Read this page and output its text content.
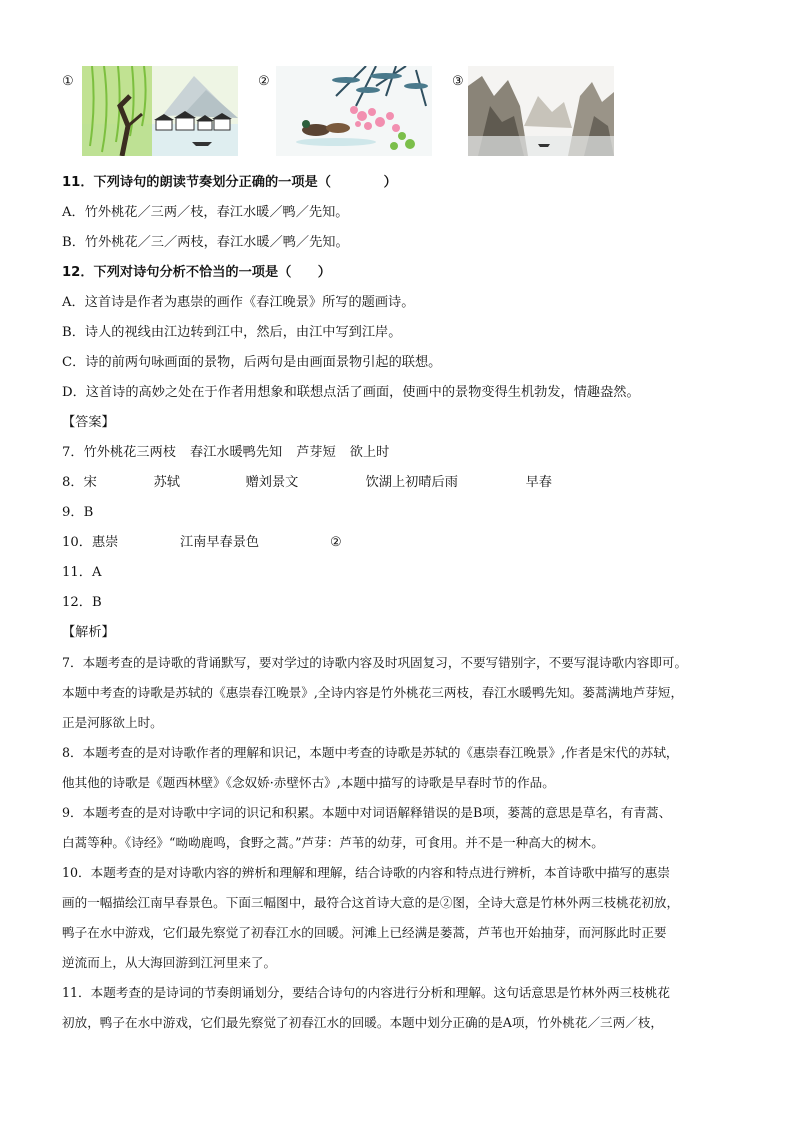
①	②	③
11．下列诗句的朗读节奏划分正确的一项是（　　　　）
A．竹外桃花／三两／枝，春江水暖／鸭／先知。
B．竹外桃花／三／两枝，春江水暖／鸭／先知。
12．下列对诗句分析不恰当的一项是（　　）
A．这首诗是作者为惠崇的画作《春江晚景》所写的题画诗。
B．诗人的视线由江边转到江中，然后，由江中写到江岸。
C．诗的前两句咏画面的景物，后两句是由画面景物引起的联想。
D．这首诗的高妙之处在于作者用想象和联想点活了画面，使画中的景物变得生机勃发，情趣盎然。
【答案】
7．竹外桃花三两枝 春江水暖鸭先知 芦芽短 欲上时
8．宋	苏轼	赠刘景文	饮湖上初晴后雨	早春
9．B
10．惠崇	江南早春景色	②
11．A
12．B
【解析】
7．本题考查的是诗歌的背诵默写，要对学过的诗歌内容及时巩固复习，不要写错别字，不要写混诗歌内容即可。
本题中考查的诗歌是苏轼的《惠崇春江晚景》,全诗内容是竹外桃花三两枝，春江水暖鸭先知。蒌蒿满地芦芽短，
正是河豚欲上时。
8．本题考查的是对诗歌作者的理解和识记，本题中考查的诗歌是苏轼的《惠崇春江晚景》,作者是宋代的苏轼，
他其他的诗歌是《题西林壁》《念奴娇·赤壁怀古》,本题中描写的诗歌是早春时节的作品。
9．本题考查的是对诗歌中字词的识记和积累。本题中对词语解释错误的是B项，蒌蒿的意思是草名，有青蒿、
白蒿等种。《诗经》“呦呦鹿鸣，食野之蒿。”芦芽：芦苇的幼芽，可食用。并不是一种高大的树木。
10．本题考查的是对诗歌内容的辨析和理解和理解，结合诗歌的内容和特点进行辨析，本首诗歌中描写的惠崇
画的一幅描绘江南早春景色。下面三幅图中，最符合这首诗大意的是②图，全诗大意是竹林外两三枝桃花初放，
鸭子在水中游戏，它们最先察觉了初春江水的回暖。河滩上已经满是蒌蒿，芦苇也开始抽芽，而河豚此时正要
逆流而上，从大海回游到江河里来了。
11．本题考查的是诗词的节奏朗诵划分，要结合诗句的内容进行分析和理解。这句话意思是竹林外两三枝桃花
初放，鸭子在水中游戏，它们最先察觉了初春江水的回暖。本题中划分正确的是A项，竹外桃花／三两／枝，
